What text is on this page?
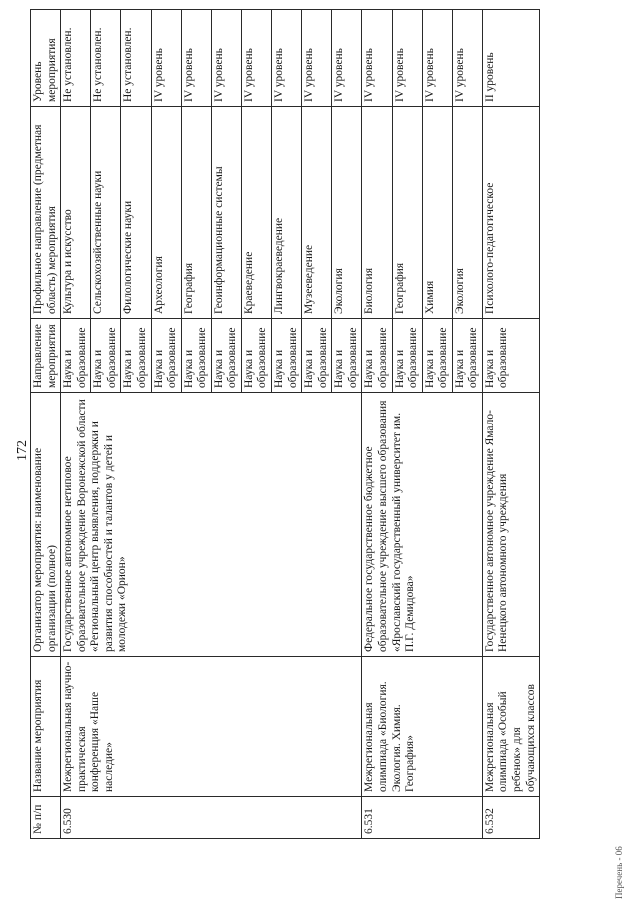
172
№ п/п	Название мероприятия	Организатор мероприятия: наименование организации (полное)	Направление мероприятия	Профильное направление (предметная область) мероприятия	Уровень мероприятия
6.530	Межрегиональная научно-практическая конференция «Наше наследие»	Государственное автономное нетиповое образовательное учреждение Воронежской области «Региональный центр выявления, поддержки и развития способностей и талантов у детей и молодежи «Орион»	Наука и образование	Культура и искусство	Не установлен.
			Наука и образование	Сельскохозяйственные науки	Не установлен.
			Наука и образование	Филологические науки	Не установлен.
			Наука и образование	Археология	IV уровень
			Наука и образование	География	IV уровень
			Наука и образование	Геоинформационные системы	IV уровень
			Наука и образование	Краеведение	IV уровень
			Наука и образование	Лингвокраеведение	IV уровень
			Наука и образование	Музееведение	IV уровень
			Наука и образование	Экология	IV уровень
6.531	Межрегиональная олимпиада «Биология. Экология. Химия. География»	Федеральное государственное бюджетное образовательное учреждение высшего образования «Ярославский государственный университет им. П.Г. Демидова»	Наука и образование	Биология	IV уровень
			Наука и образование	География	IV уровень
			Наука и образование	Химия	IV уровень
			Наука и образование	Экология	IV уровень
6.532	Межрегиональная олимпиада «Особый ребенок» для обучающихся классов	Государственное автономное учреждение Ямало-Ненецкого автономного учреждения	Наука и образование	Психолого-педагогическое	II уровень
Перечень - 06
